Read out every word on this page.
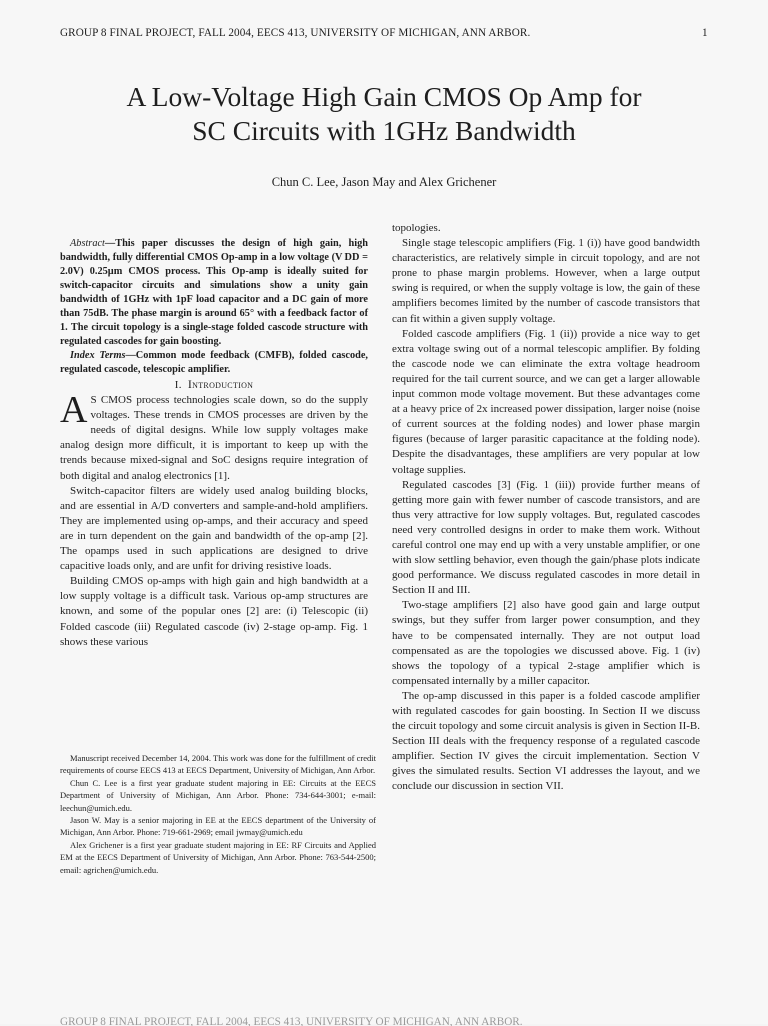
GROUP 8 FINAL PROJECT, FALL 2004, EECS 413, UNIVERSITY OF MICHIGAN, ANN ARBOR.	1
A Low-Voltage High Gain CMOS Op Amp for
SC Circuits with 1GHz Bandwidth
Chun C. Lee, Jason May and Alex Grichener

Abstract—This paper discusses the design of high gain, high bandwidth, fully differential CMOS Op-amp in a low voltage (V DD = 2.0V) 0.25µm CMOS process. This Op-amp is ideally suited for switch-capacitor circuits and simulations show a unity gain bandwidth of 1GHz with 1pF load capacitor and a DC gain of more than 75dB. The phase margin is around 65° with a feedback factor of 1. The circuit topology is a single-stage folded cascode structure with regulated cascodes for gain boosting.

Index Terms—Common mode feedback (CMFB), folded cascode, regulated cascode, telescopic amplifier.

I. Introduction

A S CMOS process technologies scale down, so do the supply voltages. These trends in CMOS processes are driven by the needs of digital designs. While low supply voltages make analog design more difficult, it is important to keep up with the trends because mixed-signal and SoC designs require integration of both digital and analog electronics [1].

Switch-capacitor filters are widely used analog building blocks, and are essential in A/D converters and sample-and-hold amplifiers. They are implemented using op-amps, and their accuracy and speed are in turn dependent on the gain and bandwidth of the op-amp [2]. The opamps used in such applications are designed to drive capacitive loads only, and are unfit for driving resistive loads.

Building CMOS op-amps with high gain and high bandwidth at a low supply voltage is a difficult task. Various op-amp structures are known, and some of the popular ones [2] are: (i) Telescopic (ii) Folded cascode (iii) Regulated cascode (iv) 2-stage op-amp. Fig. 1 shows these various

Manuscript received December 14, 2004. This work was done for the fulfillment of credit requirements of course EECS 413 at EECS Department, University of Michigan, Ann Arbor.

Chun C. Lee is a first year graduate student majoring in EE: Circuits at the EECS Department of University of Michigan, Ann Arbor. Phone: 734-644-3001; e-mail: leechun@umich.edu.

Jason W. May is a senior majoring in EE at the EECS department of the University of Michigan, Ann Arbor. Phone: 719-661-2969; email jwmay@umich.edu

Alex Grichener is a first year graduate student majoring in EE: RF Circuits and Applied EM at the EECS Department of University of Michigan, Ann Arbor. Phone: 763-544-2500; email: agrichen@umich.edu.

topologies.

Single stage telescopic amplifiers (Fig. 1 (i)) have good bandwidth characteristics, are relatively simple in circuit topology, and are not prone to phase margin problems. However, when a large output swing is required, or when the supply voltage is low, the gain of these amplifiers becomes limited by the number of cascode transistors that can fit within a given supply voltage.

Folded cascode amplifiers (Fig. 1 (ii)) provide a nice way to get extra voltage swing out of a normal telescopic amplifier. By folding the cascode node we can eliminate the extra voltage headroom required for the tail current source, and we can get a larger allowable input common mode voltage movement. But these advantages come at a heavy price of 2x increased power dissipation, larger noise (noise of current sources at the folding nodes) and lower phase margin figures (because of larger parasitic capacitance at the folding node). Despite the disadvantages, these amplifiers are very popular at low voltage supplies.

Regulated cascodes [3] (Fig. 1 (iii)) provide further means of getting more gain with fewer number of cascode transistors, and are thus very attractive for low supply voltages. But, regulated cascodes need very controlled designs in order to make them work. Without careful control one may end up with a very unstable amplifier, or one with slow settling behavior, even though the gain/phase plots indicate good performance. We discuss regulated cascodes in more detail in Section II and III.

Two-stage amplifiers [2] also have good gain and large output swings, but they suffer from larger power consumption, and they have to be compensated internally. They are not output load compensated as are the topologies we discussed above. Fig. 1 (iv) shows the topology of a typical 2-stage amplifier which is compensated internally by a miller capacitor.

The op-amp discussed in this paper is a folded cascode amplifier with regulated cascodes for gain boosting. In Section II we discuss the circuit topology and some circuit analysis is given in Section II-B. Section III deals with the frequency response of a regulated cascode amplifier. Section IV gives the circuit implementation. Section V gives the simulated results. Section VI addresses the layout, and we conclude our discussion in section VII.

GROUP 8 FINAL PROJECT, FALL 2004, EECS 413, UNIVERSITY OF MICHIGAN, ANN ARBOR.
